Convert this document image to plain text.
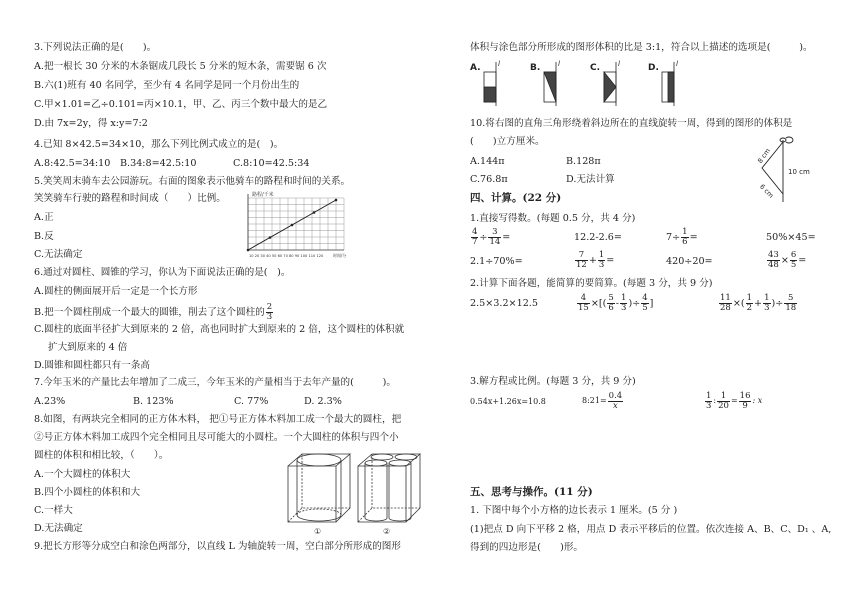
3.下列说法正确的是(　　)。
A.把一根长 30 分米的木条锯成几段长 5 分米的短木条，需要锯 6 次
B.六(1)班有 40 名同学，至少有 4 名同学是同一个月份出生的
C.甲×1.01=乙÷0.101=丙×10.1，甲、乙、丙三个数中最大的是乙
D.由 7x=2y，得 x:y=7:2
4.已知 8×42.5=34×10，那么下列比例式成立的是(　)。
A.8:42.5=34:10 B.34:8=42.5:10	C.8:10=42.5:34
5.笑笑周末骑车去公园游玩。右面的图象表示他骑车的路程和时间的关系。
笑笑骑车行驶的路程和时间成（　　）比例。
A.正
B.反
C.无法确定
路程/千米
10 20 30 40 50 60 70 80 90 100 110 120 时间/分
6.通过对圆柱、圆锥的学习，你认为下面说法正确的是(　)。
A.圆柱的侧面展开后一定是一个长方形
B.把一个圆柱削成一个最大的圆锥，削去了这个圆柱的 $\frac{2}{3}$
C.圆柱的底面半径扩大到原来的 2 倍，高也同时扩大到原来的 2 倍，这个圆柱的体积就
扩大到原来的 4 倍
D.圆锥和圆柱都只有一条高
7.今年玉米的产量比去年增加了二成三，今年玉米的产量相当于去年产量的(　　　)。
A.23%	B. 123%	C. 77%	D. 2.3%
8.如图，有两块完全相同的正方体木料， 把①号正方体木料加工成一个最大的圆柱，把
②号正方体木料加工成四个完全相同且尽可能大的小圆柱。一个大圆柱的体积与四个小
圆柱的体积和相比较，（　　）。
A.一个大圆柱的体积大
B.四个小圆柱的体积和大
C.一样大
D.无法确定	①	②
9.把长方形等分成空白和涂色两部分，以直线 L 为轴旋转一周，空白部分所形成的图形
体积与涂色部分所形成的图形体积的比是 3:1，符合以上描述的选项是(　　　)。
A.	B.	C.	D.
l	l	l	l
10.将右图的直角三角形绕着斜边所在的直线旋转一周，得到的图形的体积是
(　　)立方厘米。
A.144π	B.128π
C.76.8π	D.无法计算
8 cm
6 cm
10 cm
四、计算。(22 分)
1.直接写得数。(每题 0.5 分，共 4 分)
$\frac{4}{7} \div \frac{3}{14}$ =	12.2-2.6=	$7\div \frac{1}{6}$ =	50%×45=
2.1÷70%=	$\frac{7}{12} + \frac{1}{3}$ =	420÷20=	$\frac{43}{48} \times \frac{6}{5}$ =
2.计算下面各题，能简算的要简算。(每题 3 分，共 9 分)
2.5×3.2×12.5	$\frac{4}{15}$ ×[( $\frac{5}{6} - \frac{1}{3}$ )÷ $\frac{4}{5}$ ]	$\frac{11}{28}$ ×( $\frac{1}{2} + \frac{1}{3}$ )÷ $\frac{5}{18}$
3.解方程或比例。(每题 3 分，共 9 分)
0.54x+1.26x=10.8	8:21= $\frac{0.4}{x}$	$\frac{1}{3}$ : $\frac{1}{20} = \frac{16}{9}$ : x
五、思考与操作。(11 分)
1. 下图中每个小方格的边长表示 1 厘米。(5 分 )
(1)把点 D 向下平移 2 格，用点 D 表示平移后的位置。依次连接 A、B、C、D₁ 、A,
得到的四边形是(　　)形。
